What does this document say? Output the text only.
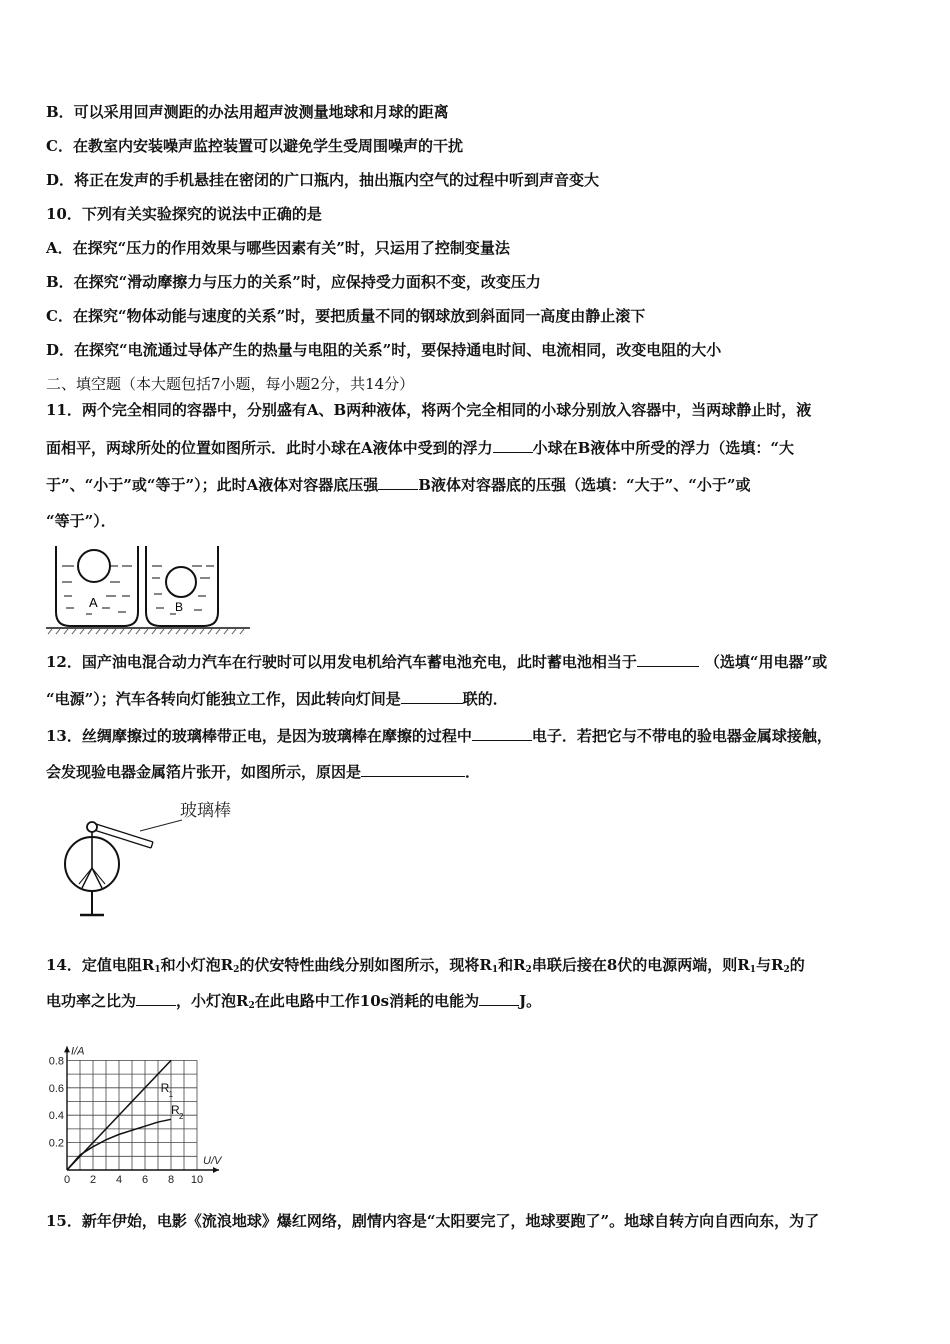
B．可以采用回声测距的办法用超声波测量地球和月球的距离
C．在教室内安装噪声监控装置可以避免学生受周围噪声的干扰
D．将正在发声的手机悬挂在密闭的广口瓶内，抽出瓶内空气的过程中听到声音变大
10．下列有关实验探究的说法中正确的是
A．在探究“压力的作用效果与哪些因素有关”时，只运用了控制变量法
B．在探究“滑动摩擦力与压力的关系”时，应保持受力面积不变，改变压力
C．在探究“物体动能与速度的关系”时，要把质量不同的钢球放到斜面同一高度由静止滚下
D．在探究“电流通过导体产生的热量与电阻的关系”时，要保持通电时间、电流相同，改变电阻的大小
二、填空题（本大题包括7小题，每小题2分，共14分）
11．两个完全相同的容器中，分别盛有A、B两种液体，将两个完全相同的小球分别放入容器中，当两球静止时，液
面相平，两球所处的位置如图所示．此时小球在A液体中受到的浮力	小球在B液体中所受的浮力（选填：“大
于”、“小于”或“等于”）；此时A液体对容器底压强	B液体对容器底的压强（选填：“大于”、“小于”或
“等于”）．
A	B
12．国产油电混合动力汽车在行驶时可以用发电机给汽车蓄电池充电，此时蓄电池相当于	（选填“用电器”或
“电源”）；汽车各转向灯能独立工作，因此转向灯间是	联的．
13．丝绸摩擦过的玻璃棒带正电，是因为玻璃棒在摩擦的过程中	电子．若把它与不带电的验电器金属球接触，
会发现验电器金属箔片张开，如图所示，原因是	．
玻璃棒
14．定值电阻$R_1$和小灯泡$R_2$的伏安特性曲线分别如图所示，现将$R_1$和$R_2$串联后接在8伏的电源两端，则$R_1$与$R_2$的
电功率之比为	，小灯泡$R_2$在此电路中工作10s消耗的电能为	J。
0 2 4 6 8 10
0.2
0.4
0.6
0.8
U/V
I/A
R 1
R 2
15．新年伊始，电影《流浪地球》爆红网络，剧情内容是“太阳要完了，地球要跑了”。地球自转方向自西向东，为了
